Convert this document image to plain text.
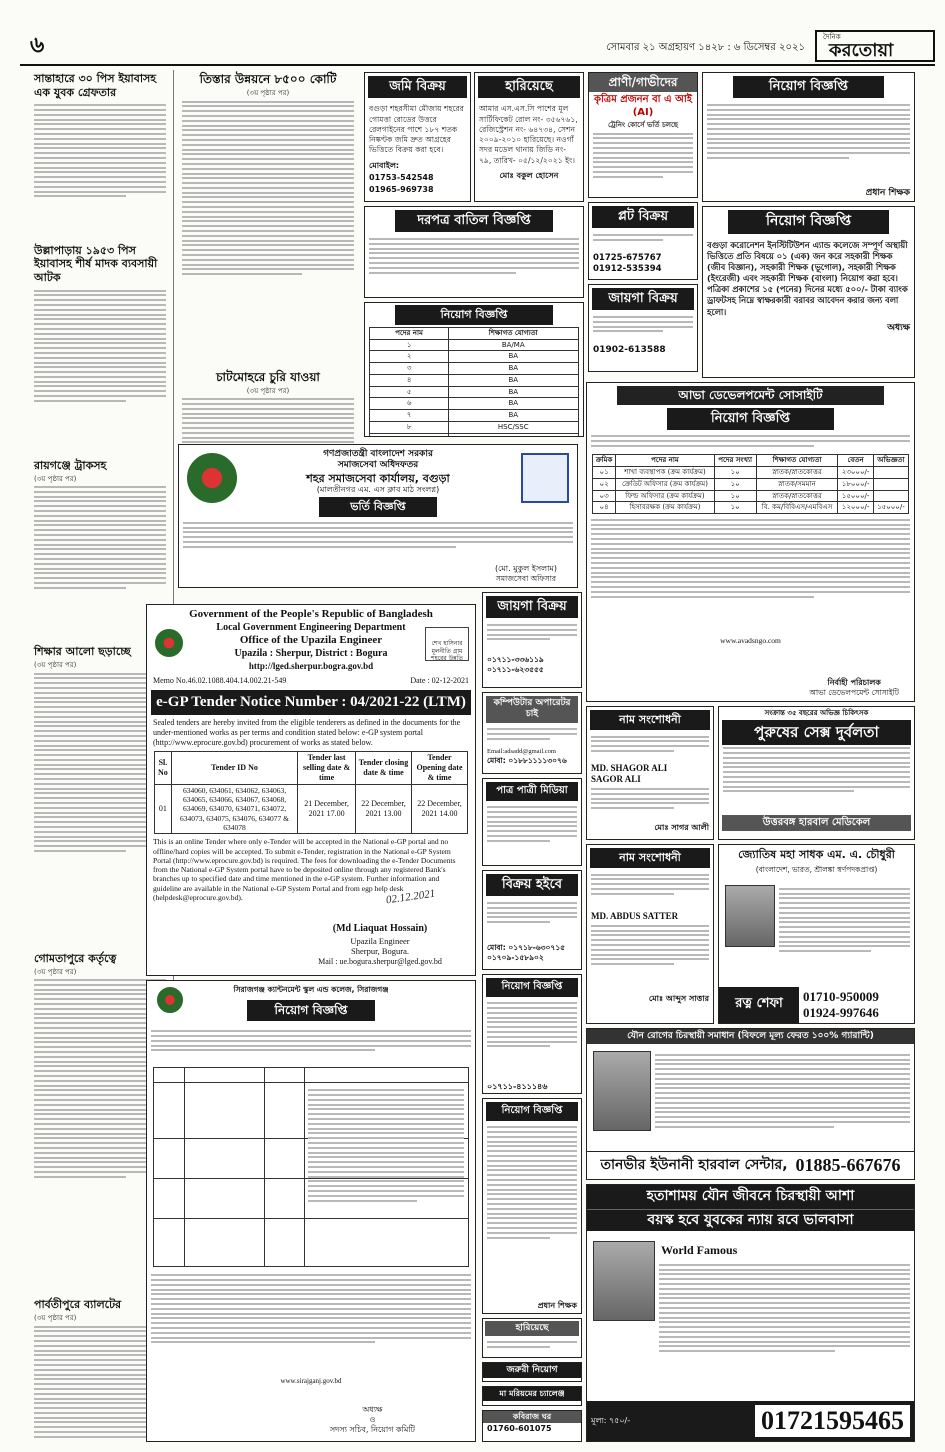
৬	সোমবার ২১ অগ্রহায়ণ ১৪২৮ : ৬ ডিসেম্বর ২০২১
দৈনিক
করতোয়া
সান্তাহারে ৩০ পিস ইয়াবাসহ এক যুবক গ্রেফতার
উল্লাপাড়ায় ১৯৫৩ পিস ইয়াবাসহ শীর্ষ মাদক ব্যবসায়ী আটক
রায়গঞ্জে ট্রাকসহ
(৩য় পৃষ্ঠার পর)
শিক্ষার আলো ছড়াচ্ছে
(৩য় পৃষ্ঠার পর)
গোমতাপুরে কর্তৃত্বে
(৩য় পৃষ্ঠার পর)
পার্বতীপুরে ব্যালটের
(৩য় পৃষ্ঠার পর)
তিস্তার উন্নয়নে ৮৫০০ কোটি
(৩য় পৃষ্ঠার পর)
চাটমোহরে চুরি যাওয়া
(৩য় পৃষ্ঠার পর)
জমি বিক্রয়
বগুড়া শহরসীমা মৌজায় শহরের গোমত্তা রোডের উত্তরে রেলগাইনের পাশে ১৮৭ শতক নিষ্কণ্টক জমি দ্রুত আগ্রহের ভিত্তিতে বিক্রয় করা হবে।
মোবাইল:
01753-542548
01965-969738
হারিয়েছে
আমার এস.এস.সি পাশের মূল সার্টিফিকেট রোল নং- ৩৫৬৭৬১, রেজিস্ট্রেশন নং- ৬৪৭৩৪, সেশন ২০০৯-২০১০ হারিয়েছে। নওগাঁ সদর মডেল থানায় জিডি নং- ৭৯, তারিখ- ০৫/১২/২০২১ ইং।
মোঃ বকুল হোসেন
প্রাণী/গাভীদের
কৃত্রিম প্রজনন বা এ আই (AI)
ট্রেনিং কোর্সে ভর্তি চলছে
নিয়োগ বিজ্ঞপ্তি
প্রধান শিক্ষক
দরপত্র বাতিল বিজ্ঞপ্তি	প্লট বিক্রয়
01725-675767
01912-535394
জায়গা বিক্রয়
01902-613588
নিয়োগ বিজ্ঞপ্তি
পদের নাম	শিক্ষাগত যোগ্যতা
১	BA/MA
২	BA
৩	BA
৪	BA
৫	BA
৬	BA
৭	BA
৮	HSC/SSC

নিয়োগ বিজ্ঞপ্তি
বগুড়া করোনেশন ইনস্টিটিউশন এ্যান্ড কলেজে সম্পূর্ণ অস্থায়ী ভিত্তিতে প্রতি বিষয়ে ০১ (এক) জন করে সহকারী শিক্ষক (জীব বিজ্ঞান), সহকারী শিক্ষক (ভূগোল), সহকারী শিক্ষক (ইংরেজী) এবং সহকারী শিক্ষক (বাংলা) নিয়োগ করা হবে। পত্রিকা প্রকাশের ১৫ (পনের) দিনের মধ্যে ৫০০/- টাকা ব্যাংক ড্রাফটসহ নিম্নে স্বাক্ষরকারী বরাবর আবেদন করার জন্য বলা হলো।
অধ্যক্ষ
গণপ্রজাতন্ত্রী বাংলাদেশ সরকার
সমাজসেবা অধিদফতর
শহর সমাজসেবা কার্যালয়, বগুড়া
(মালতীনগর এম. এস ক্লাব মাঠ সংলগ্ন)
ভর্তি বিজ্ঞপ্তি
(মো. মুকুল ইসলাম)
সমাজসেবা অফিসার
আভা ডেভেলপমেন্ট সোসাইটি
নিয়োগ বিজ্ঞপ্তি
ক্রমিক	পদের নাম	পদের সংখ্যা	শিক্ষাগত যোগ্যতা	বেতন	অভিজ্ঞতা
০১	শাখা ব্যবস্থাপক (ক্রম কার্যক্রম)	১০	স্নাতক/স্নাতকোত্তর	২৩০০০/-	
০২	ক্রেডিট অফিসার (ক্রম কার্যক্রম)	১০	স্নাতক/সমমান	১৮০০০/-	
০৩	ফিল্ড অফিসার (ক্রম কার্যক্রম)	১০	স্নাতক/স্নাতকোত্তর	১৫০০০/-	
০৪	হিসাবরক্ষক (ক্রম কার্যক্রম)	১০	বি. কম/বিবিএস/এমবিএস	১২০০০/-	১৫০০০/-
www.avadsngo.com
নির্বাহী পরিচালক
আভা ডেভেলপমেন্ট সোসাইটি
জায়গা বিক্রয়
০১৭১১-৩৩৬১১৯
০১৭১১-৬২৩৫৫৫
কম্পিউটার অপারেটর চাই
Email:adsadd@gmail.com
মোবা: ০১৮৮১১১১৩০৭৬
পাত্র পাত্রী মিডিয়া
বিক্রয় হইবে
মোবা: ০১৭১৮-৬৩০৭১৫
০১৭০৯-১৫৮৯০২
নিয়োগ বিজ্ঞপ্তি
০১৭১১-৪১১১৪৬
নিয়োগ বিজ্ঞপ্তি
প্রধান শিক্ষক
হারিয়েছে
জরুরী নিয়োগ
মা মরিয়মের চ্যালেঞ্জ
কবিরাজ ঘর
01760-601075
Government of the People's Republic of Bangladesh
Local Government Engineering Department
Office of the Upazila Engineer
Upazila : Sherpur, District : Bogura
http://lged.sherpur.bogra.gov.bd
শেখ হাসিনার মূলনীতি গ্রাম শহরের উন্নতি
Memo No.46.02.1088.404.14.002.21-549	Date : 02-12-2021
e-GP Tender Notice Number : 04/2021-22 (LTM)
Sealed tenders are hereby invited from the eligible tenderers as defined in the documents for the under-mentioned works as per terms and condition stated below: e-GP system portal (http://www.eprocure.gov.bd) procurement of works as stated below.
Sl. No	Tender ID No	Tender last selling date & time	Tender closing date & time	Tender Opening date & time
01	634060, 634061, 634062, 634063, 634065, 634066, 634067, 634068, 634069, 634070, 634071, 634072, 634073, 634075, 634076, 634077 & 634078	21 December, 2021 17.00	22 December, 2021 13.00	22 December, 2021 14.00
This is an online Tender where only e-Tender will be accepted in the National e-GP portal and no offline/hard copies will be accepted. To submit e-Tender, registration in the National e-GP System Portal (http://www.eprocure.gov.bd) is required. The fees for downloading the e-Tender Documents from the National e-GP System portal have to be deposited online through any registered Bank's branches up to specified date and time mentioned in the e-GP system. Further information and guideline are available in the National e-GP System Portal and from egp help desk (helpdesk@eprocure.gov.bd).	02.12.2021
(Md Liaquat Hossain)
Upazila Engineer
Sherpur, Bogura.
Mail : ue.bogura.sherpur@lged.gov.bd
সিরাজগঞ্জ ক্যান্টনমেন্ট স্কুল এন্ড কলেজ, সিরাজগঞ্জ
নিয়োগ বিজ্ঞপ্তি
www.sirajganj.gov.bd
অধ্যক্ষ
ও
সদস্য সচিব, নিয়োগ কমিটি
নাম সংশোধনী
MD. SHAGOR ALI
SAGOR ALI
মোঃ সাগর আলী
সংক্রান্ত ৩৫ বছরের অভিজ্ঞ চিকিৎসক
পুরুষের সেক্স দুর্বলতা
উত্তরবঙ্গ হারবাল মেডিকেল
নাম সংশোধনী
MD. ABDUS SATTER
মোঃ আব্দুস সাত্তার
জ্যোতিষ মহা সাধক এম. এ. চৌধুরী
(বাংলাদেশ, ভারত, শ্রীলঙ্কা স্বর্ণপদকপ্রাপ্ত)
রত্ন শেফা	01710-950009
01924-997646
যৌন রোগের চিরস্থায়ী সমাধান (বিফলে মূল্য ফেরত ১০০% গ্যারান্টি)
তানভীর ইউনানী হারবাল সেন্টার, 01885-667676
হতাশাময় যৌন জীবনে চিরস্থায়ী আশা
বয়স্ক হবে যুবকের ন্যায় রবে ভালবাসা
World Famous
মূল্য: ৭৫০/-	01721595465
